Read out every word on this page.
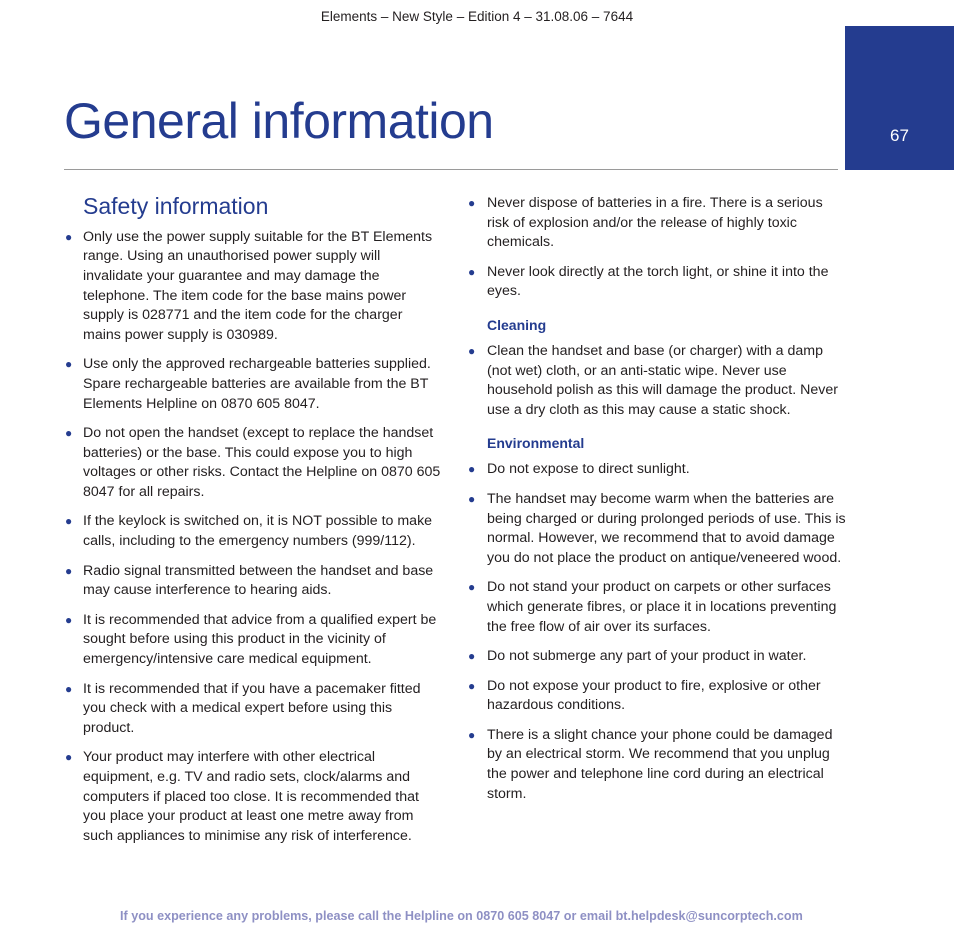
Elements – New Style – Edition 4 – 31.08.06 – 7644
67
General information
Safety information
● Only use the power supply suitable for the BT Elements range. Using an unauthorised power supply will invalidate your guarantee and may damage the telephone. The item code for the base mains power supply is 028771 and the item code for the charger mains power supply is 030989.
● Use only the approved rechargeable batteries supplied. Spare rechargeable batteries are available from the BT Elements Helpline on 0870 605 8047.
● Do not open the handset (except to replace the handset batteries) or the base. This could expose you to high voltages or other risks. Contact the Helpline on 0870 605 8047 for all repairs.
● If the keylock is switched on, it is NOT possible to make calls, including to the emergency numbers (999/112).
● Radio signal transmitted between the handset and base may cause interference to hearing aids.
● It is recommended that advice from a qualified expert be sought before using this product in the vicinity of emergency/intensive care medical equipment.
● It is recommended that if you have a pacemaker fitted you check with a medical expert before using this product.
● Your product may interfere with other electrical equipment, e.g. TV and radio sets, clock/alarms and computers if placed too close. It is recommended that you place your product at least one metre away from such appliances to minimise any risk of interference.
● Never dispose of batteries in a fire. There is a serious risk of explosion and/or the release of highly toxic chemicals.
● Never look directly at the torch light, or shine it into the eyes.
Cleaning
● Clean the handset and base (or charger) with a damp (not wet) cloth, or an anti-static wipe. Never use household polish as this will damage the product. Never use a dry cloth as this may cause a static shock.
Environmental
● Do not expose to direct sunlight.
● The handset may become warm when the batteries are being charged or during prolonged periods of use. This is normal. However, we recommend that to avoid damage you do not place the product on antique/veneered wood.
● Do not stand your product on carpets or other surfaces which generate fibres, or place it in locations preventing the free flow of air over its surfaces.
● Do not submerge any part of your product in water.
● Do not expose your product to fire, explosive or other hazardous conditions.
● There is a slight chance your phone could be damaged by an electrical storm. We recommend that you unplug the power and telephone line cord during an electrical storm.
If you experience any problems, please call the Helpline on 0870 605 8047 or email bt.helpdesk@suncorptech.com
